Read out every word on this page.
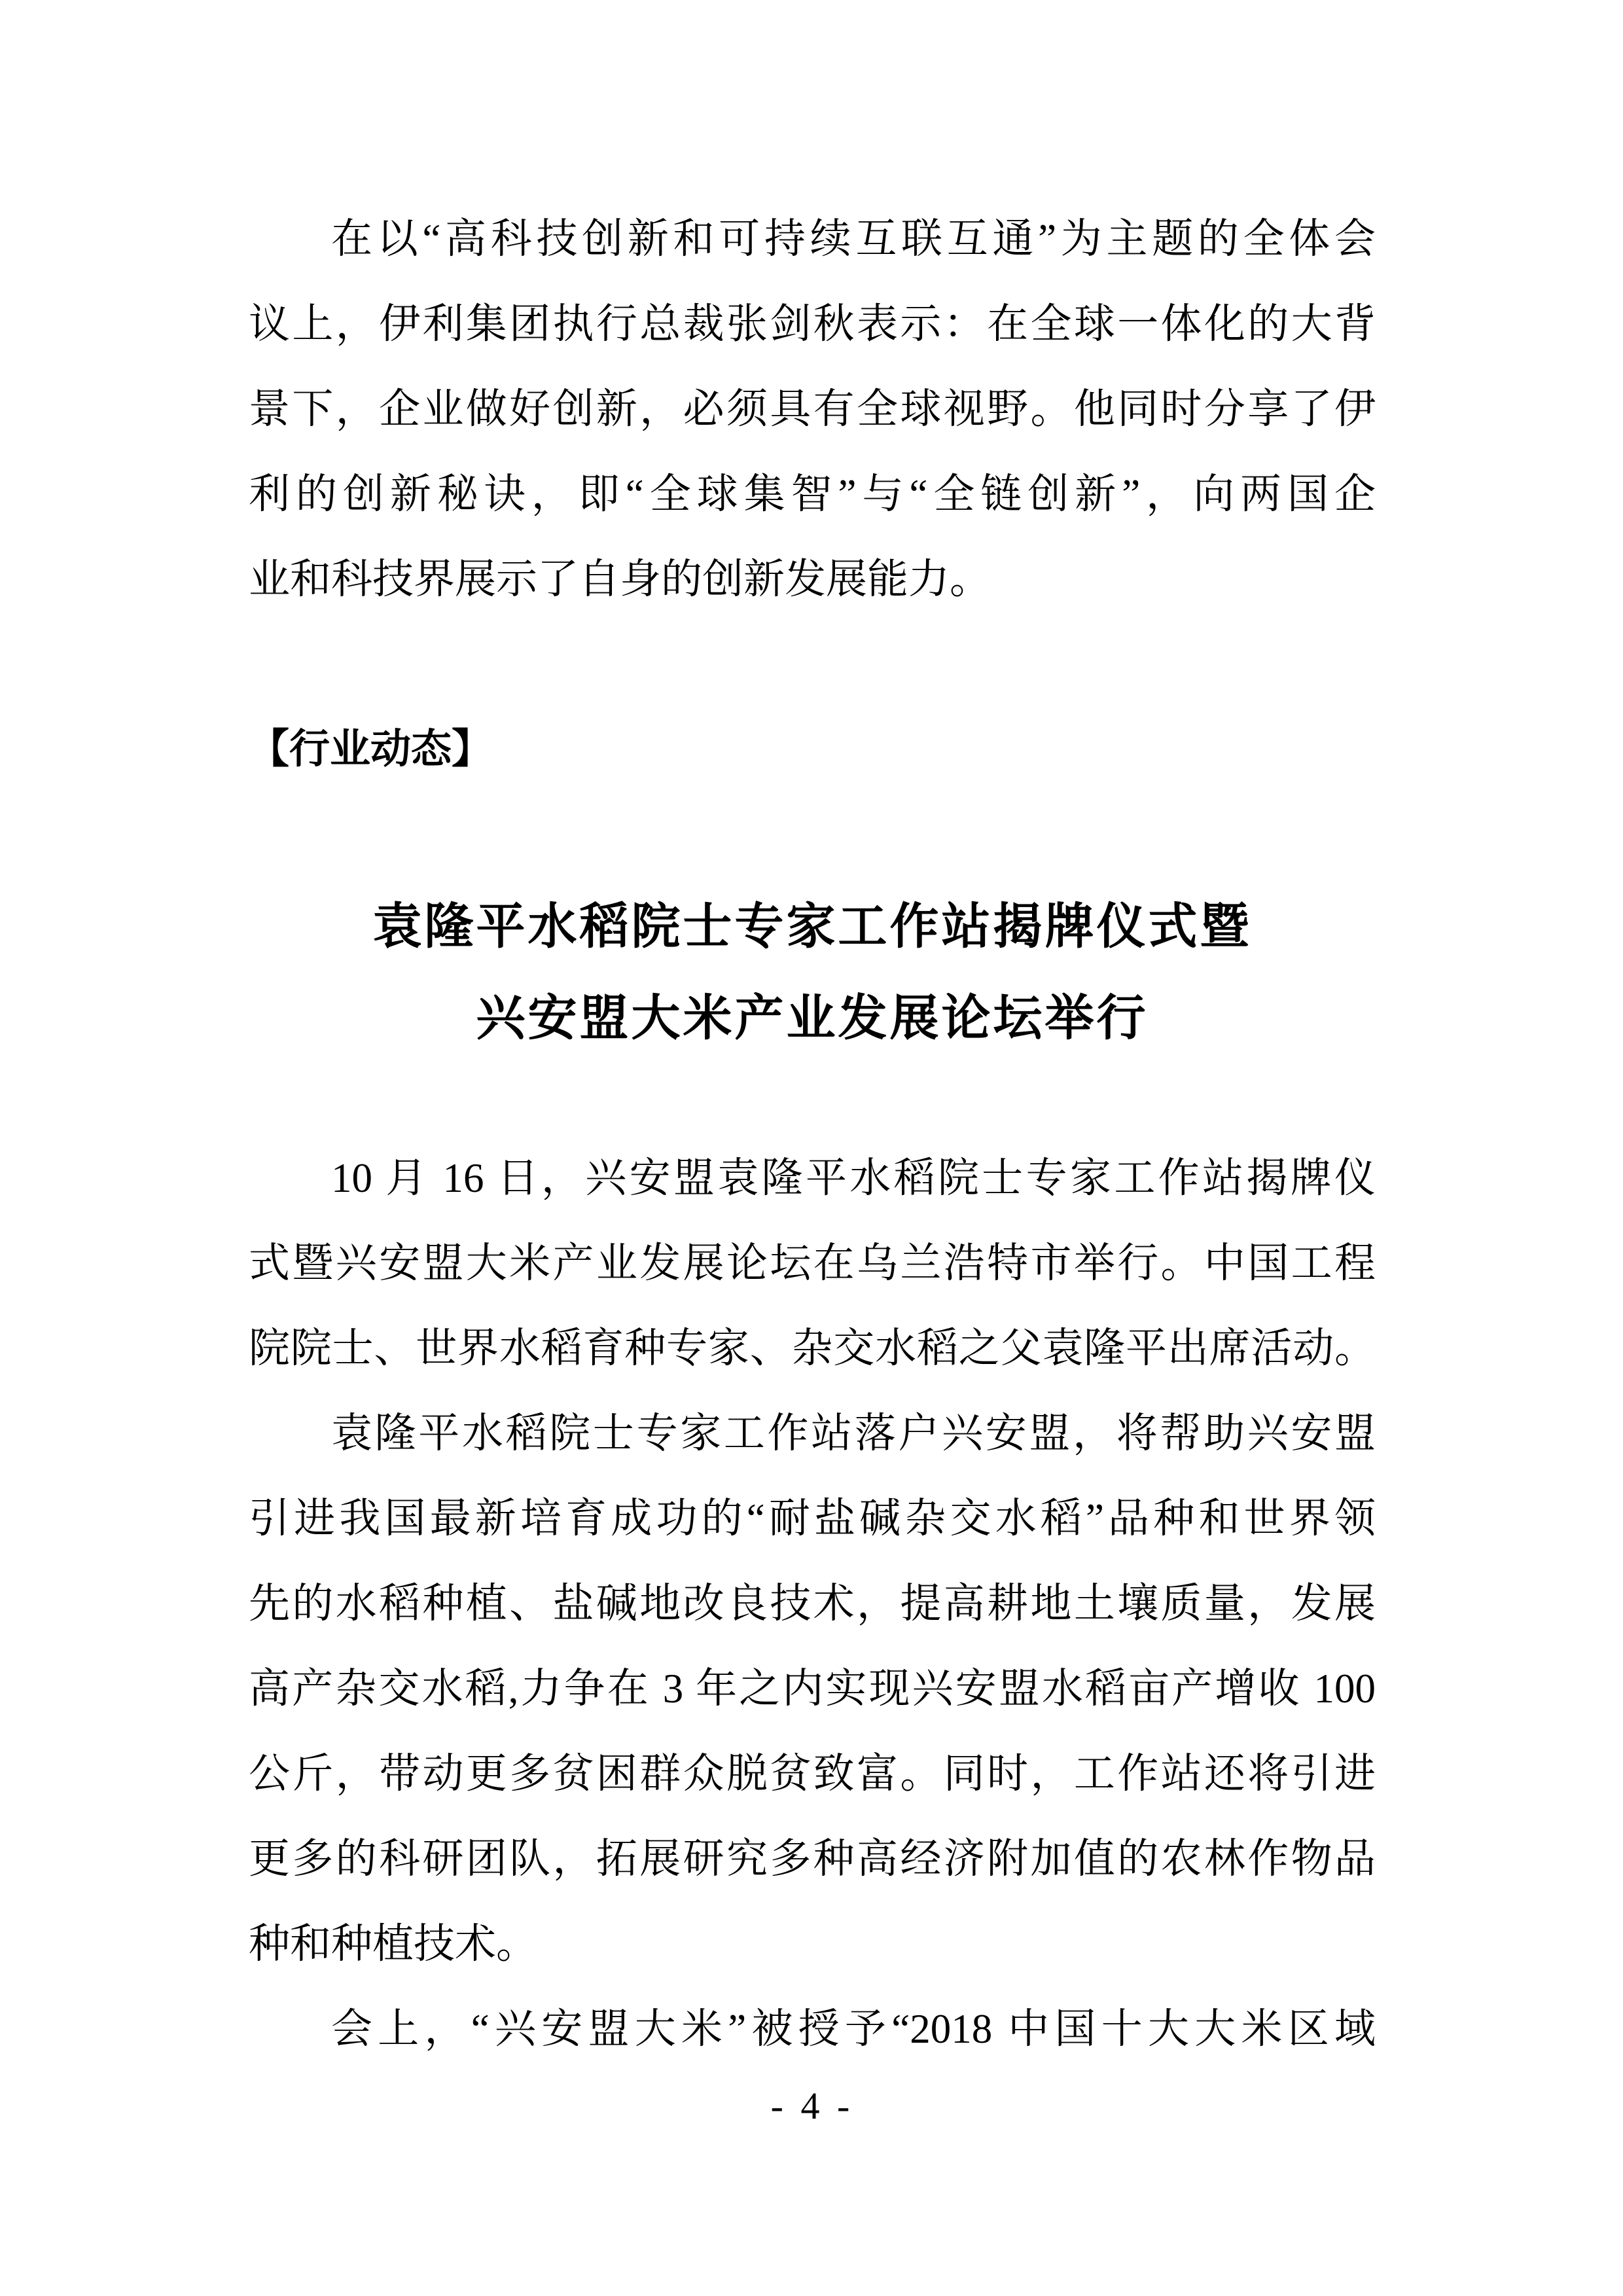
在以“高科技创新和可持续互联互通”为主题的全体会
议上，伊利集团执行总裁张剑秋表示：在全球一体化的大背
景下，企业做好创新，必须具有全球视野。他同时分享了伊
利的创新秘诀，即“全球集智”与“全链创新”，向两国企
业和科技界展示了自身的创新发展能力。
【行业动态】
袁隆平水稻院士专家工作站揭牌仪式暨
兴安盟大米产业发展论坛举行
10 月 16 日，兴安盟袁隆平水稻院士专家工作站揭牌仪
式暨兴安盟大米产业发展论坛在乌兰浩特市举行。中国工程
院院士、世界水稻育种专家、杂交水稻之父袁隆平出席活动。
袁隆平水稻院士专家工作站落户兴安盟，将帮助兴安盟
引进我国最新培育成功的“耐盐碱杂交水稻”品种和世界领
先的水稻种植、盐碱地改良技术，提高耕地土壤质量，发展
高产杂交水稻,力争在 3 年之内实现兴安盟水稻亩产增收 100
公斤，带动更多贫困群众脱贫致富。同时，工作站还将引进
更多的科研团队，拓展研究多种高经济附加值的农林作物品
种和种植技术。
会上，“兴安盟大米”被授予“2018 中国十大大米区域
- 4 -
